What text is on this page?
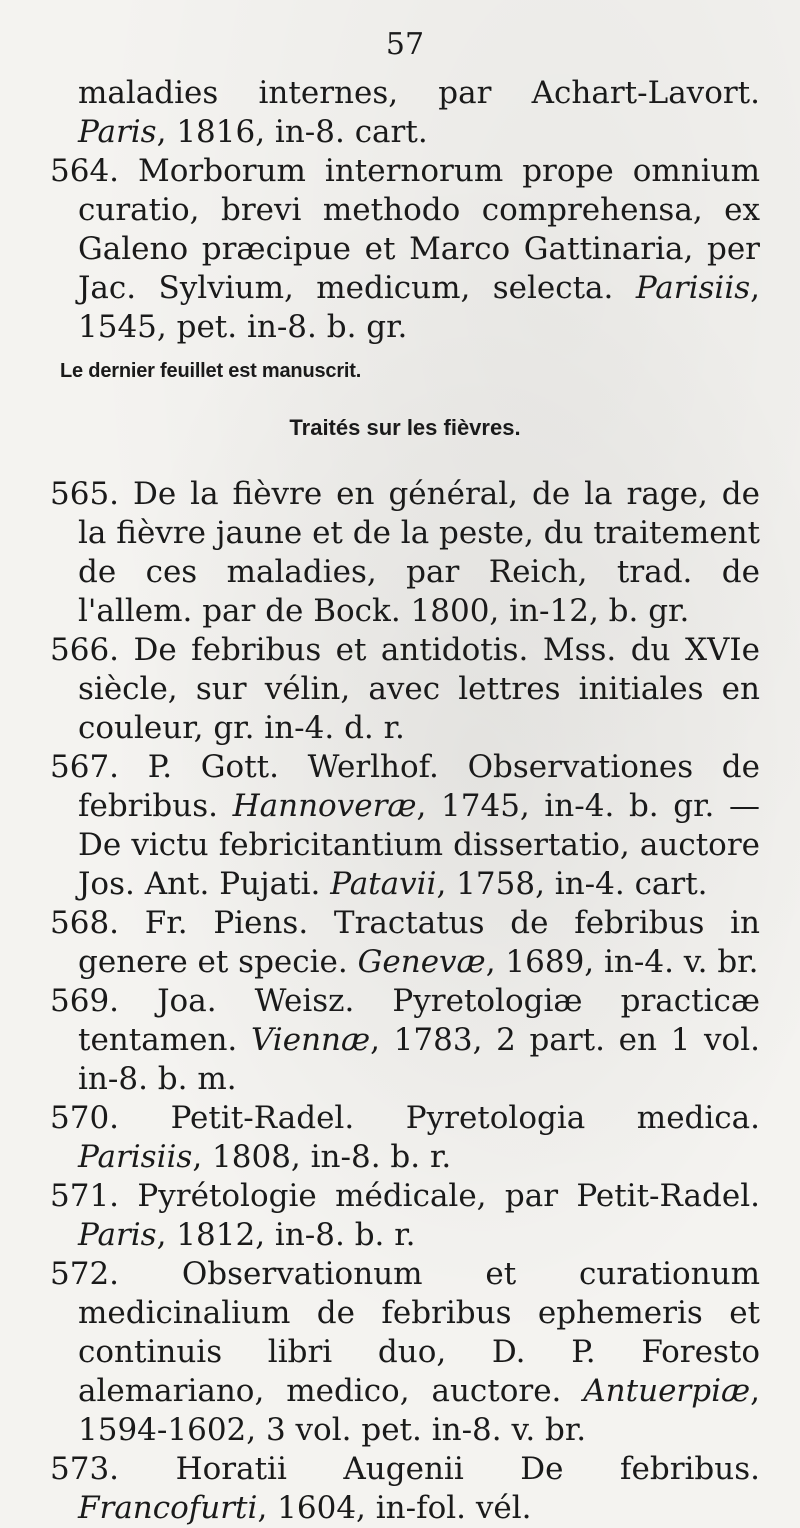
57

maladies internes, par Achart-Lavort. Paris, 1816, in-8. cart.

564. Morborum internorum prope omnium curatio, brevi methodo comprehensa, ex Galeno præcipue et Marco Gattinaria, per Jac. Sylvium, medicum, selecta. Parisiis, 1545, pet. in-8. b. gr.

Le dernier feuillet est manuscrit.
Traités sur les fièvres.

565. De la fièvre en général, de la rage, de la fièvre jaune et de la peste, du traitement de ces maladies, par Reich, trad. de l'allem. par de Bock. 1800, in-12, b. gr.

566. De febribus et antidotis. Mss. du XVIe siècle, sur vélin, avec lettres initiales en couleur, gr. in-4. d. r.

567. P. Gott. Werlhof. Observationes de febribus. Hannoveræ, 1745, in-4. b. gr. — De victu febricitantium dissertatio, auctore Jos. Ant. Pujati. Patavii, 1758, in-4. cart.

568. Fr. Piens. Tractatus de febribus in genere et specie. Genevæ, 1689, in-4. v. br.

569. Joa. Weisz. Pyretologiæ practicæ tentamen. Viennæ, 1783, 2 part. en 1 vol. in-8. b. m.

570. Petit-Radel. Pyretologia medica. Parisiis, 1808, in-8. b. r.

571. Pyrétologie médicale, par Petit-Radel. Paris, 1812, in-8. b. r.

572. Observationum et curationum medicinalium de febribus ephemeris et continuis libri duo, D. P. Foresto alemariano, medico, auctore. Antuerpiæ, 1594-1602, 3 vol. pet. in-8. v. br.

573. Horatii Augenii De febribus. Francofurti, 1604, in-fol. vél.
